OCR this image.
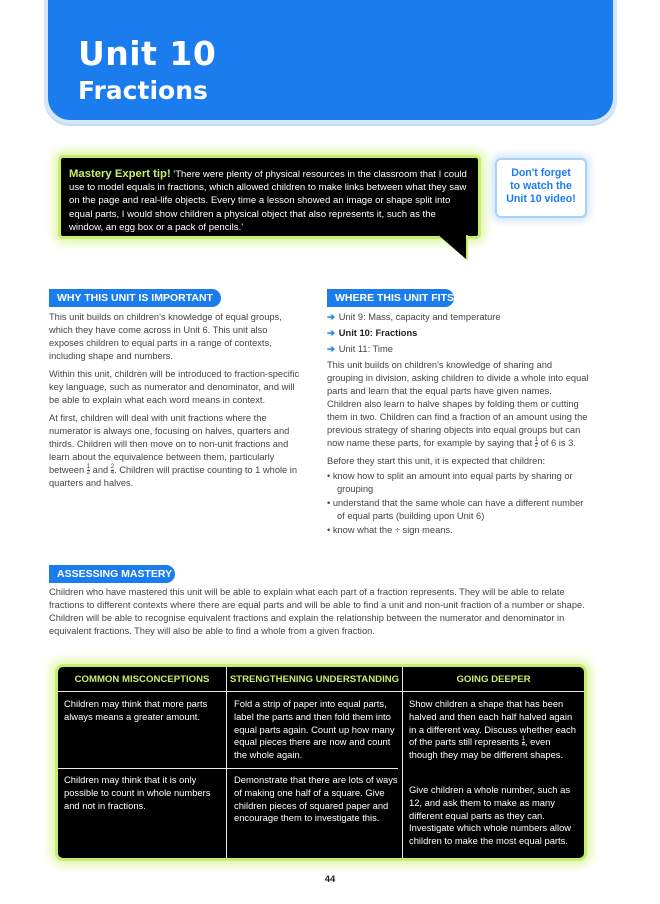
Unit 10
Fractions
Mastery Expert tip! 'There were plenty of physical resources in the classroom that I could use to model equals in fractions, which allowed children to make links between what they saw on the page and real-life objects. Every time a lesson showed an image or shape split into equal parts, I would show children a physical object that also represents it, such as the window, an egg box or a pack of pencils.'
Don't forget
to watch the
Unit 10 video!
WHY THIS UNIT IS IMPORTANT

This unit builds on children's knowledge of equal groups, which they have come across in Unit 6. This unit also exposes children to equal parts in a range of contexts, including shape and numbers.

Within this unit, children will be introduced to fraction-specific key language, such as numerator and denominator, and will be able to explain what each word means in context.

At first, children will deal with unit fractions where the numerator is always one, focusing on halves, quarters and thirds. Children will then move on to non-unit fractions and learn about the equivalence between them, particularly between $\frac{1}{2}$ and $\frac{2}{4}$ . Children will practise counting to 1 whole in quarters and halves.

WHERE THIS UNIT FITS
➔ Unit 9: Mass, capacity and temperature
➔ Unit 10: Fractions
➔ Unit 11: Time

This unit builds on children's knowledge of sharing and grouping in division, asking children to divide a whole into equal parts and learn that the equal parts have given names. Children also learn to halve shapes by folding them or cutting them in two. Children can find a fraction of an amount using the previous strategy of sharing objects into equal groups but can now name these parts, for example by saying that $\frac{1}{2}$ of 6 is 3.

Before they start this unit, it is expected that children:

• know how to split an amount into equal parts by sharing or grouping
• understand that the same whole can have a different number of equal parts (building upon Unit 6)
• know what the ÷ sign means.
ASSESSING MASTERY
Children who have mastered this unit will be able to explain what each part of a fraction represents. They will be able to relate fractions to different contexts where there are equal parts and will be able to find a unit and non-unit fraction of a number or shape. Children will be able to recognise equivalent fractions and explain the relationship between the numerator and denominator in equivalent fractions. They will also be able to find a whole from a given fraction.
COMMON MISCONCEPTIONS	STRENGTHENING UNDERSTANDING	GOING DEEPER
Children may think that more parts always means a greater amount.
Fold a strip of paper into equal parts, label the parts and then fold them into equal parts again. Count up how many equal pieces there are now and count the whole again.
Show children a shape that has been halved and then each half halved again in a different way. Discuss whether each of the parts still represents $\frac{1}{4}$ , even though they may be different shapes.
Children may think that it is only possible to count in whole numbers and not in fractions.
Demonstrate that there are lots of ways of making one half of a square. Give children pieces of squared paper and encourage them to investigate this.
Give children a whole number, such as 12, and ask them to make as many different equal parts as they can. Investigate which whole numbers allow children to make the most equal parts.
44
